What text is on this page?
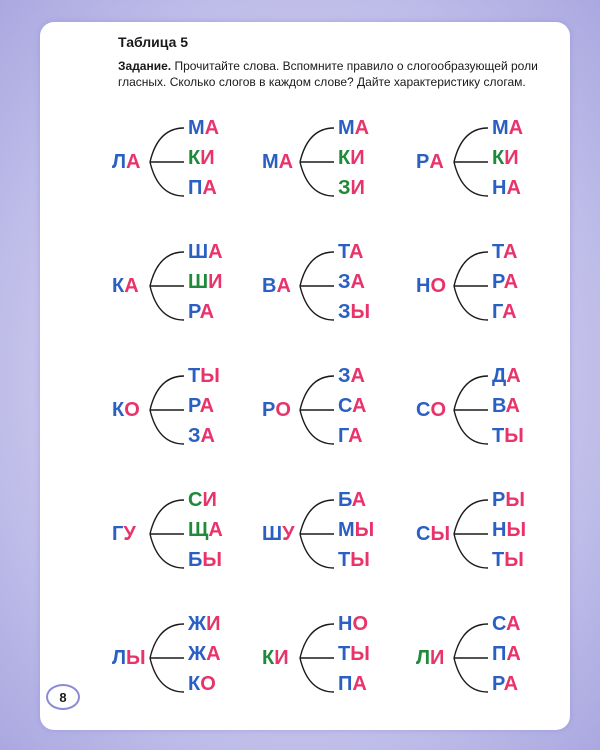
Таблица 5
Задание. Прочитайте слова. Вспомните правило о слогообразующей роли гласных. Сколько слогов в каждом слове? Дайте характеристику слогам.
Л А
МА
КИ
ПА
М А
МА
КИ
ЗИ
Р А
МА
КИ
НА
К А
ША
ШИ
РА
В А
ТА
ЗА
ЗЫ
Н О
ТА
РА
ГА
К О
ТЫ
РА
ЗА
Р О
ЗА
СА
ГА
С О
ДА
ВА
ТЫ
Г У
СИ
ЩА
БЫ
Ш У
БА
МЫ
ТЫ
С Ы
РЫ
НЫ
ТЫ
Л Ы
ЖИ
ЖА
КО
К И
НО
ТЫ
ПА
Л И
СА
ПА
РА
8
